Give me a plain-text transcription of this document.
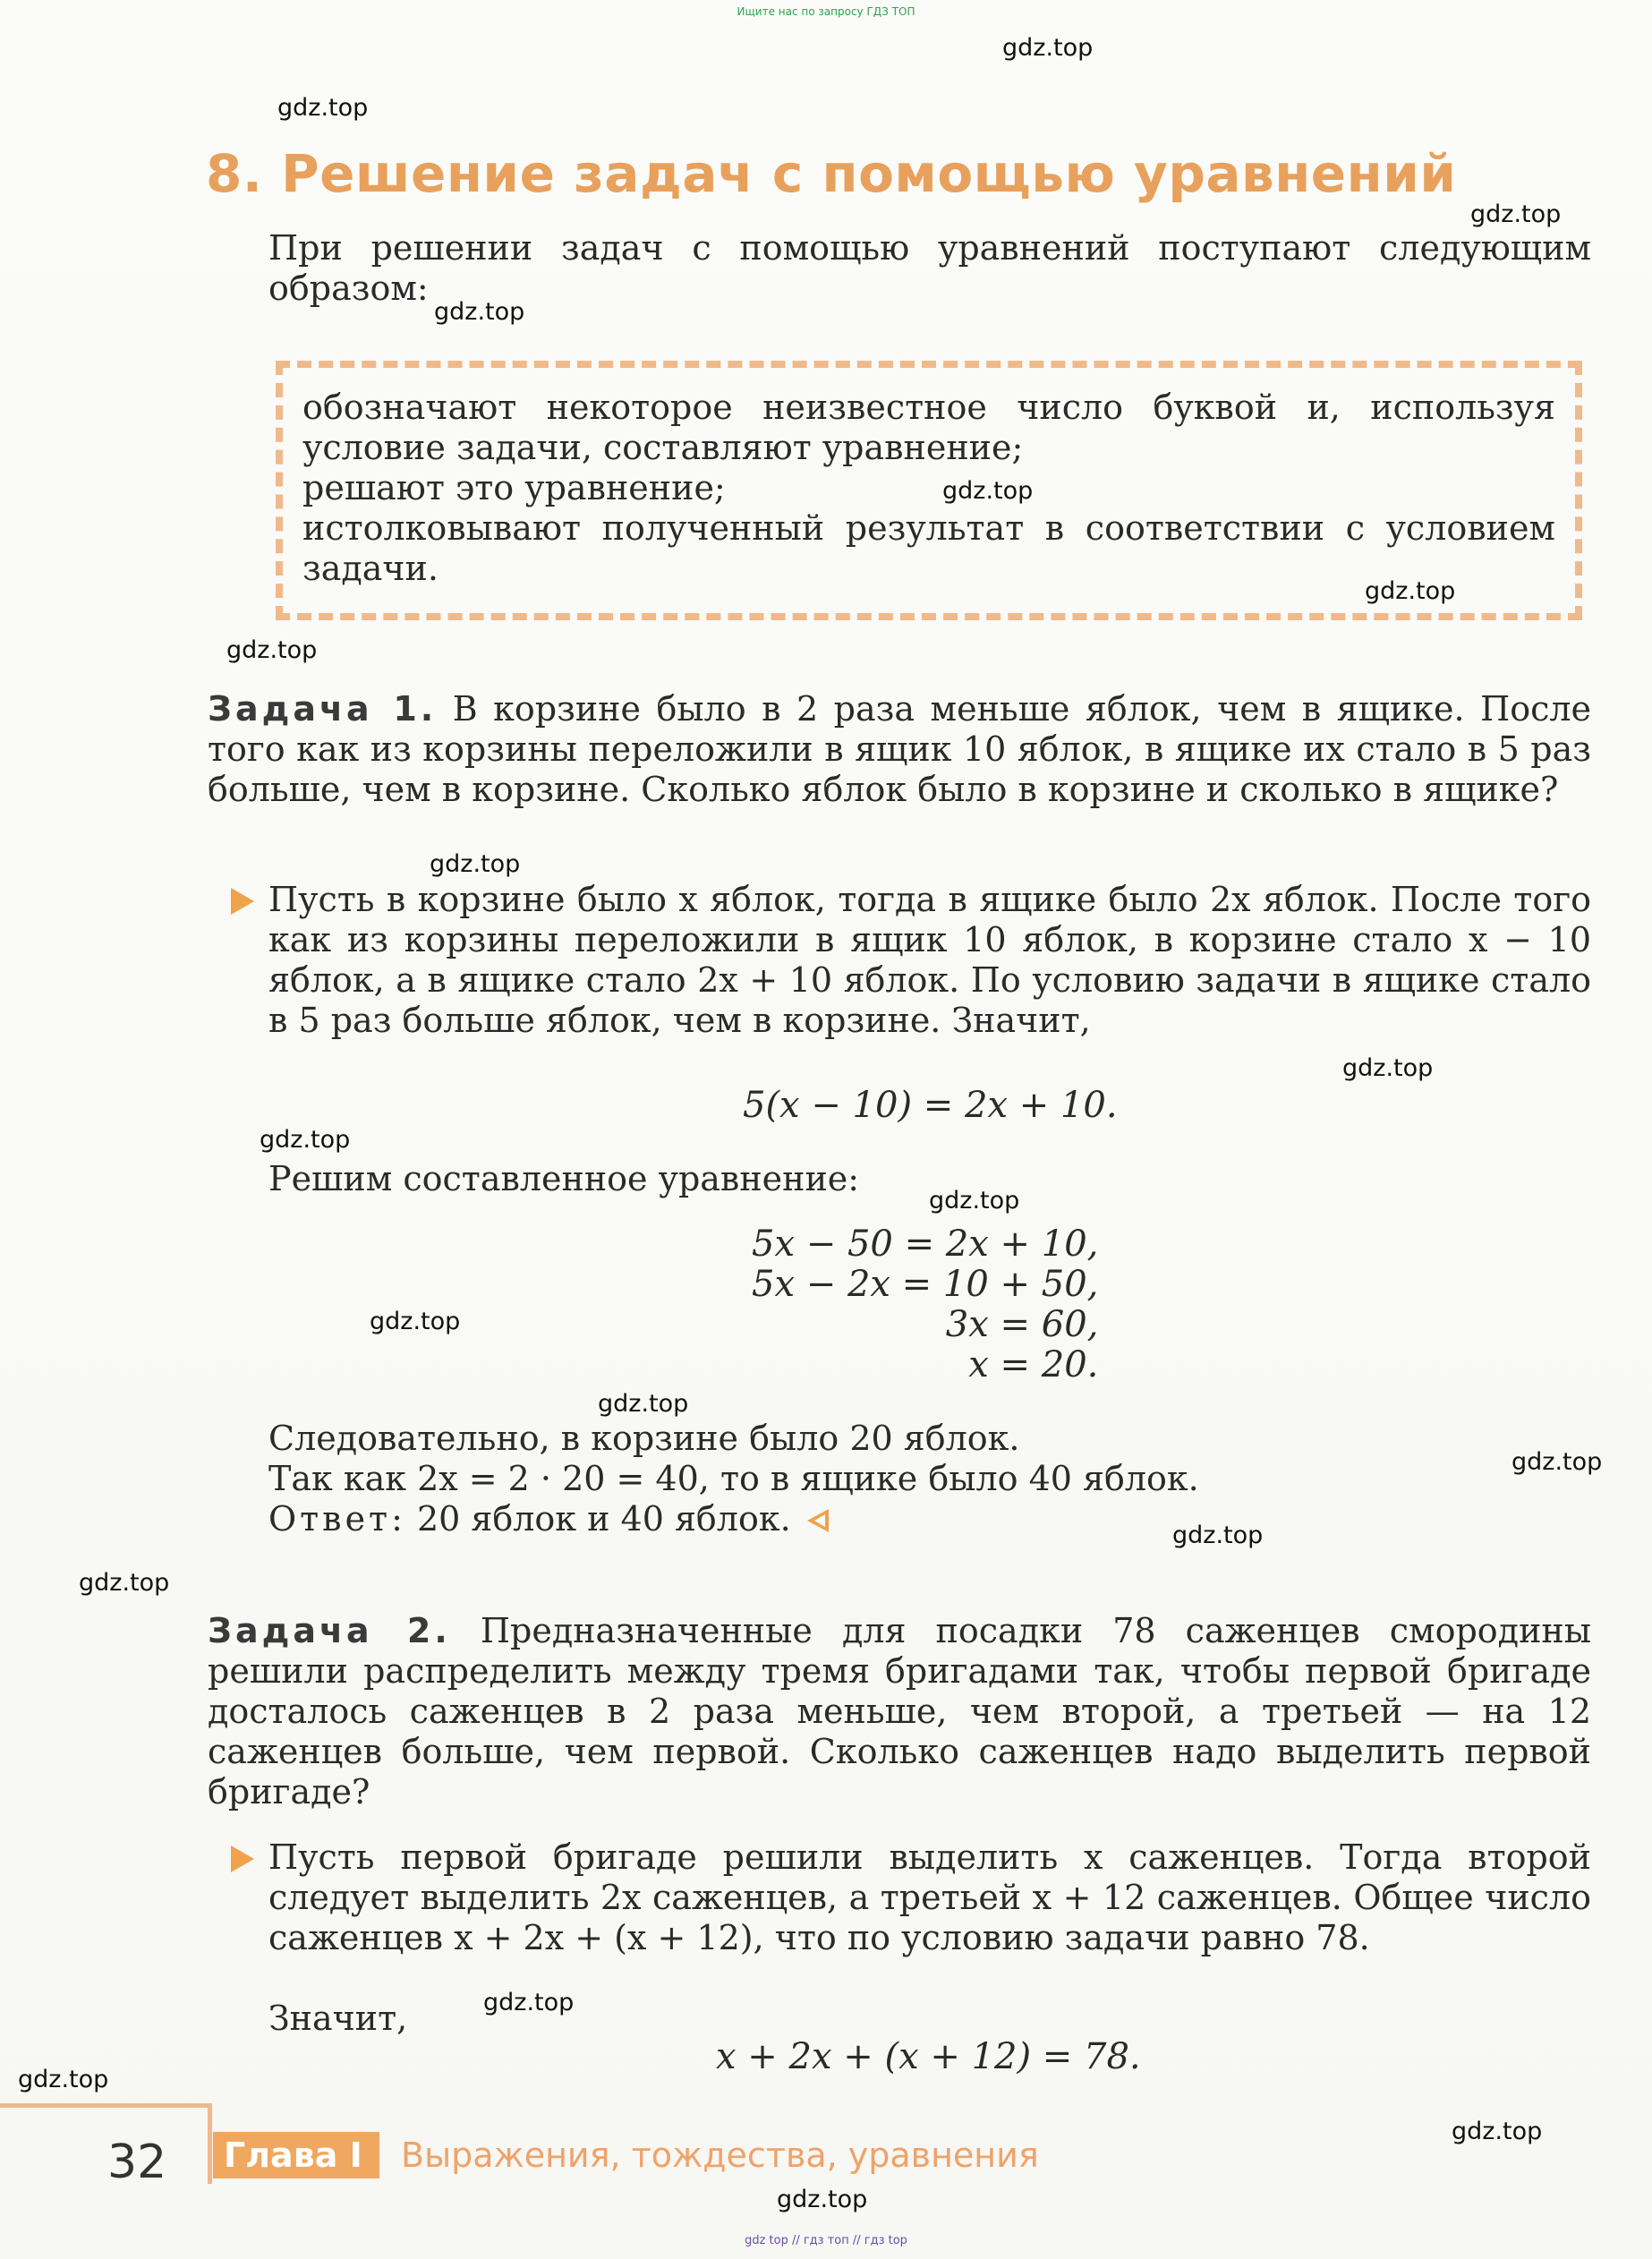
Ищите нас по запросу ГДЗ ТОП
8. Решение задач с помощью уравнений
При решении задач с помощью уравнений поступают следующим образом:
обозначают некоторое неизвестное число буквой и, используя условие задачи, составляют уравнение;
решают это уравнение;
истолковывают полученный результат в соответствии с условием задачи.
Задача 1. В корзине было в 2 раза меньше яблок, чем в ящике. После того как из корзины переложили в ящик 10 яблок, в ящике их стало в 5 раз больше, чем в корзине. Сколько яблок было в корзине и сколько в ящике?
Пусть в корзине было x яблок, тогда в ящике было 2x яблок. После того как из корзины переложили в ящик 10 яблок, в корзине стало x − 10 яблок, а в ящике стало 2x + 10 яблок. По условию задачи в ящике стало в 5 раз больше яблок, чем в корзине. Значит,
5(x − 10) = 2x + 10.
Решим составленное уравнение:
5x − 50 = 2x + 10,
5x − 2x = 10 + 50,
3x = 60,
x = 20.
Следовательно, в корзине было 20 яблок.
Так как 2x = 2 · 20 = 40, то в ящике было 40 яблок.
Ответ: 20 яблок и 40 яблок.
Задача 2. Предназначенные для посадки 78 саженцев смородины решили распределить между тремя бригадами так, чтобы первой бригаде досталось саженцев в 2 раза меньше, чем второй, а третьей — на 12 саженцев больше, чем первой. Сколько саженцев надо выделить первой бригаде?
Пусть первой бригаде решили выделить x саженцев. Тогда второй следует выделить 2x саженцев, а третьей x + 12 саженцев. Общее число саженцев x + 2x + (x + 12), что по условию задачи равно 78.
Значит,
x + 2x + (x + 12) = 78.
gdz.top
gdz.top
gdz.top
gdz.top
gdz.top
gdz.top
gdz.top
gdz.top
gdz.top
gdz.top
gdz.top
gdz.top
gdz.top
gdz.top
gdz.top
gdz.top
gdz.top
gdz.top
gdz.top
gdz.top
32	Глава I	Выражения, тождества, уравнения
gdz top // гдз топ // гдз top
